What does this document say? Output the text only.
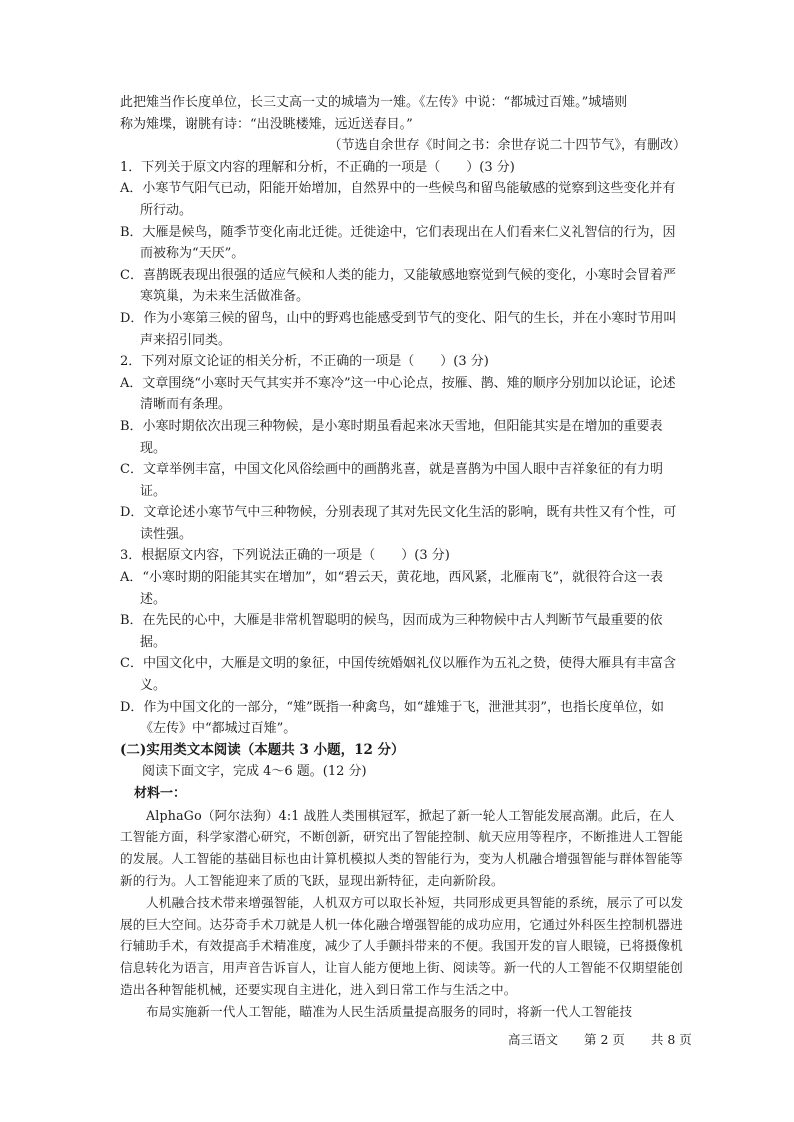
此把雉当作长度单位，长三丈高一丈的城墙为一雉。《左传》中说：“都城过百雉。”城墙则

称为雉堞，谢朓有诗：“出没眺楼雉，远近送春目。”

（节选自余世存《时间之书：余世存说二十四节气》，有删改）

1．下列关于原文内容的理解和分析，不正确的一项是（　　）(3 分)

A．小寒节气阳气已动，阳能开始增加，自然界中的一些候鸟和留鸟能敏感的觉察到这些变化并有所行动。

B．大雁是候鸟，随季节变化南北迁徙。迁徙途中，它们表现出在人们看来仁义礼智信的行为，因而被称为“天厌”。

C．喜鹊既表现出很强的适应气候和人类的能力，又能敏感地察觉到气候的变化，小寒时会冒着严寒筑巢，为未来生活做准备。

D．作为小寒第三候的留鸟，山中的野鸡也能感受到节气的变化、阳气的生长，并在小寒时节用叫声来招引同类。

2．下列对原文论证的相关分析，不正确的一项是（　　）(3 分)

A．文章围绕“小寒时天气其实并不寒冷”这一中心论点，按雁、鹊、雉的顺序分别加以论证，论述清晰而有条理。

B．小寒时期依次出现三种物候，是小寒时期虽看起来冰天雪地，但阳能其实是在增加的重要表现。

C．文章举例丰富，中国文化风俗绘画中的画鹊兆喜，就是喜鹊为中国人眼中吉祥象征的有力明证。

D．文章论述小寒节气中三种物候，分别表现了其对先民文化生活的影响，既有共性又有个性，可读性强。

3．根据原文内容，下列说法正确的一项是（　　）(3 分)

A．“小寒时期的阳能其实在增加”，如“碧云天，黄花地，西风紧，北雁南飞”，就很符合这一表述。

B．在先民的心中，大雁是非常机智聪明的候鸟，因而成为三种物候中古人判断节气最重要的依据。

C．中国文化中，大雁是文明的象征，中国传统婚姻礼仪以雁作为五礼之贽，使得大雁具有丰富含义。

D．作为中国文化的一部分，“雉”既指一种禽鸟，如“雄雉于飞，泄泄其羽”，也指长度单位，如《左传》中“都城过百雉”。

(二)实用类文本阅读（本题共 3 小题，12 分）

阅读下面文字，完成 4～6 题。(12 分)

材料一：

AlphaGo（阿尔法狗）4:1 战胜人类围棋冠军，掀起了新一轮人工智能发展高潮。此后，在人工智能方面，科学家潜心研究，不断创新，研究出了智能控制、航天应用等程序，不断推进人工智能的发展。人工智能的基础目标也由计算机模拟人类的智能行为，变为人机融合增强智能与群体智能等新的行为。人工智能迎来了质的飞跃，显现出新特征，走向新阶段。

人机融合技术带来增强智能，人机双方可以取长补短，共同形成更具智能的系统，展示了可以发展的巨大空间。达芬奇手术刀就是人机一体化融合增强智能的成功应用，它通过外科医生控制机器进行辅助手术，有效提高手术精准度，减少了人手颤抖带来的不便。我国开发的盲人眼镜，已将摄像机信息转化为语言，用声音告诉盲人，让盲人能方便地上街、阅读等。新一代的人工智能不仅期望能创造出各种智能机械，还要实现自主进化，进入到日常工作与生活之中。

布局实施新一代人工智能，瞄准为人民生活质量提高服务的同时，将新一代人工智能技

高三语文 第 2 页 共 8 页
